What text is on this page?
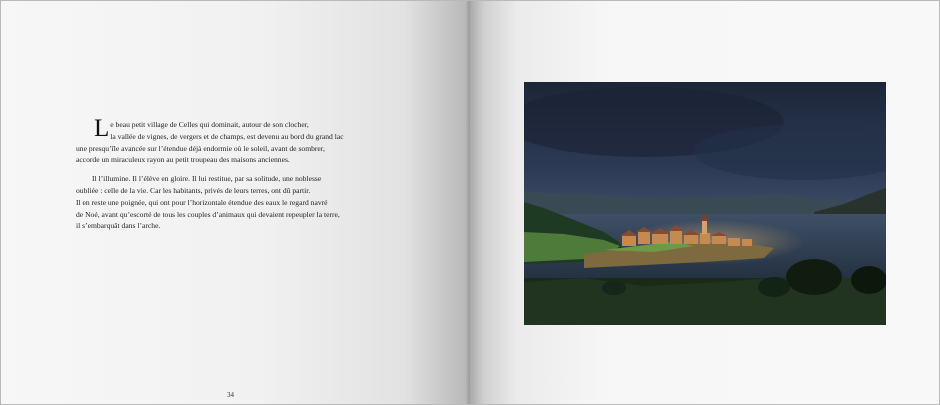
L e beau petit village de Celles qui dominait, autour de son clocher,
la vallée de vignes, de vergers et de champs, est devenu au bord du grand lac
une presqu’île avancée sur l’étendue déjà endormie où le soleil, avant de sombrer,
accorde un miraculeux rayon au petit troupeau des maisons anciennes.

Il l’illumine. Il l’élève en gloire. Il lui restitue, par sa solitude, une noblesse
oubliée : celle de la vie. Car les habitants, privés de leurs terres, ont dû partir.
Il en reste une poignée, qui ont pour l’horizontale étendue des eaux le regard navré
de Noé, avant qu’escorté de tous les couples d’animaux qui devaient repeupler la terre,
il s’embarquât dans l’arche.

34
